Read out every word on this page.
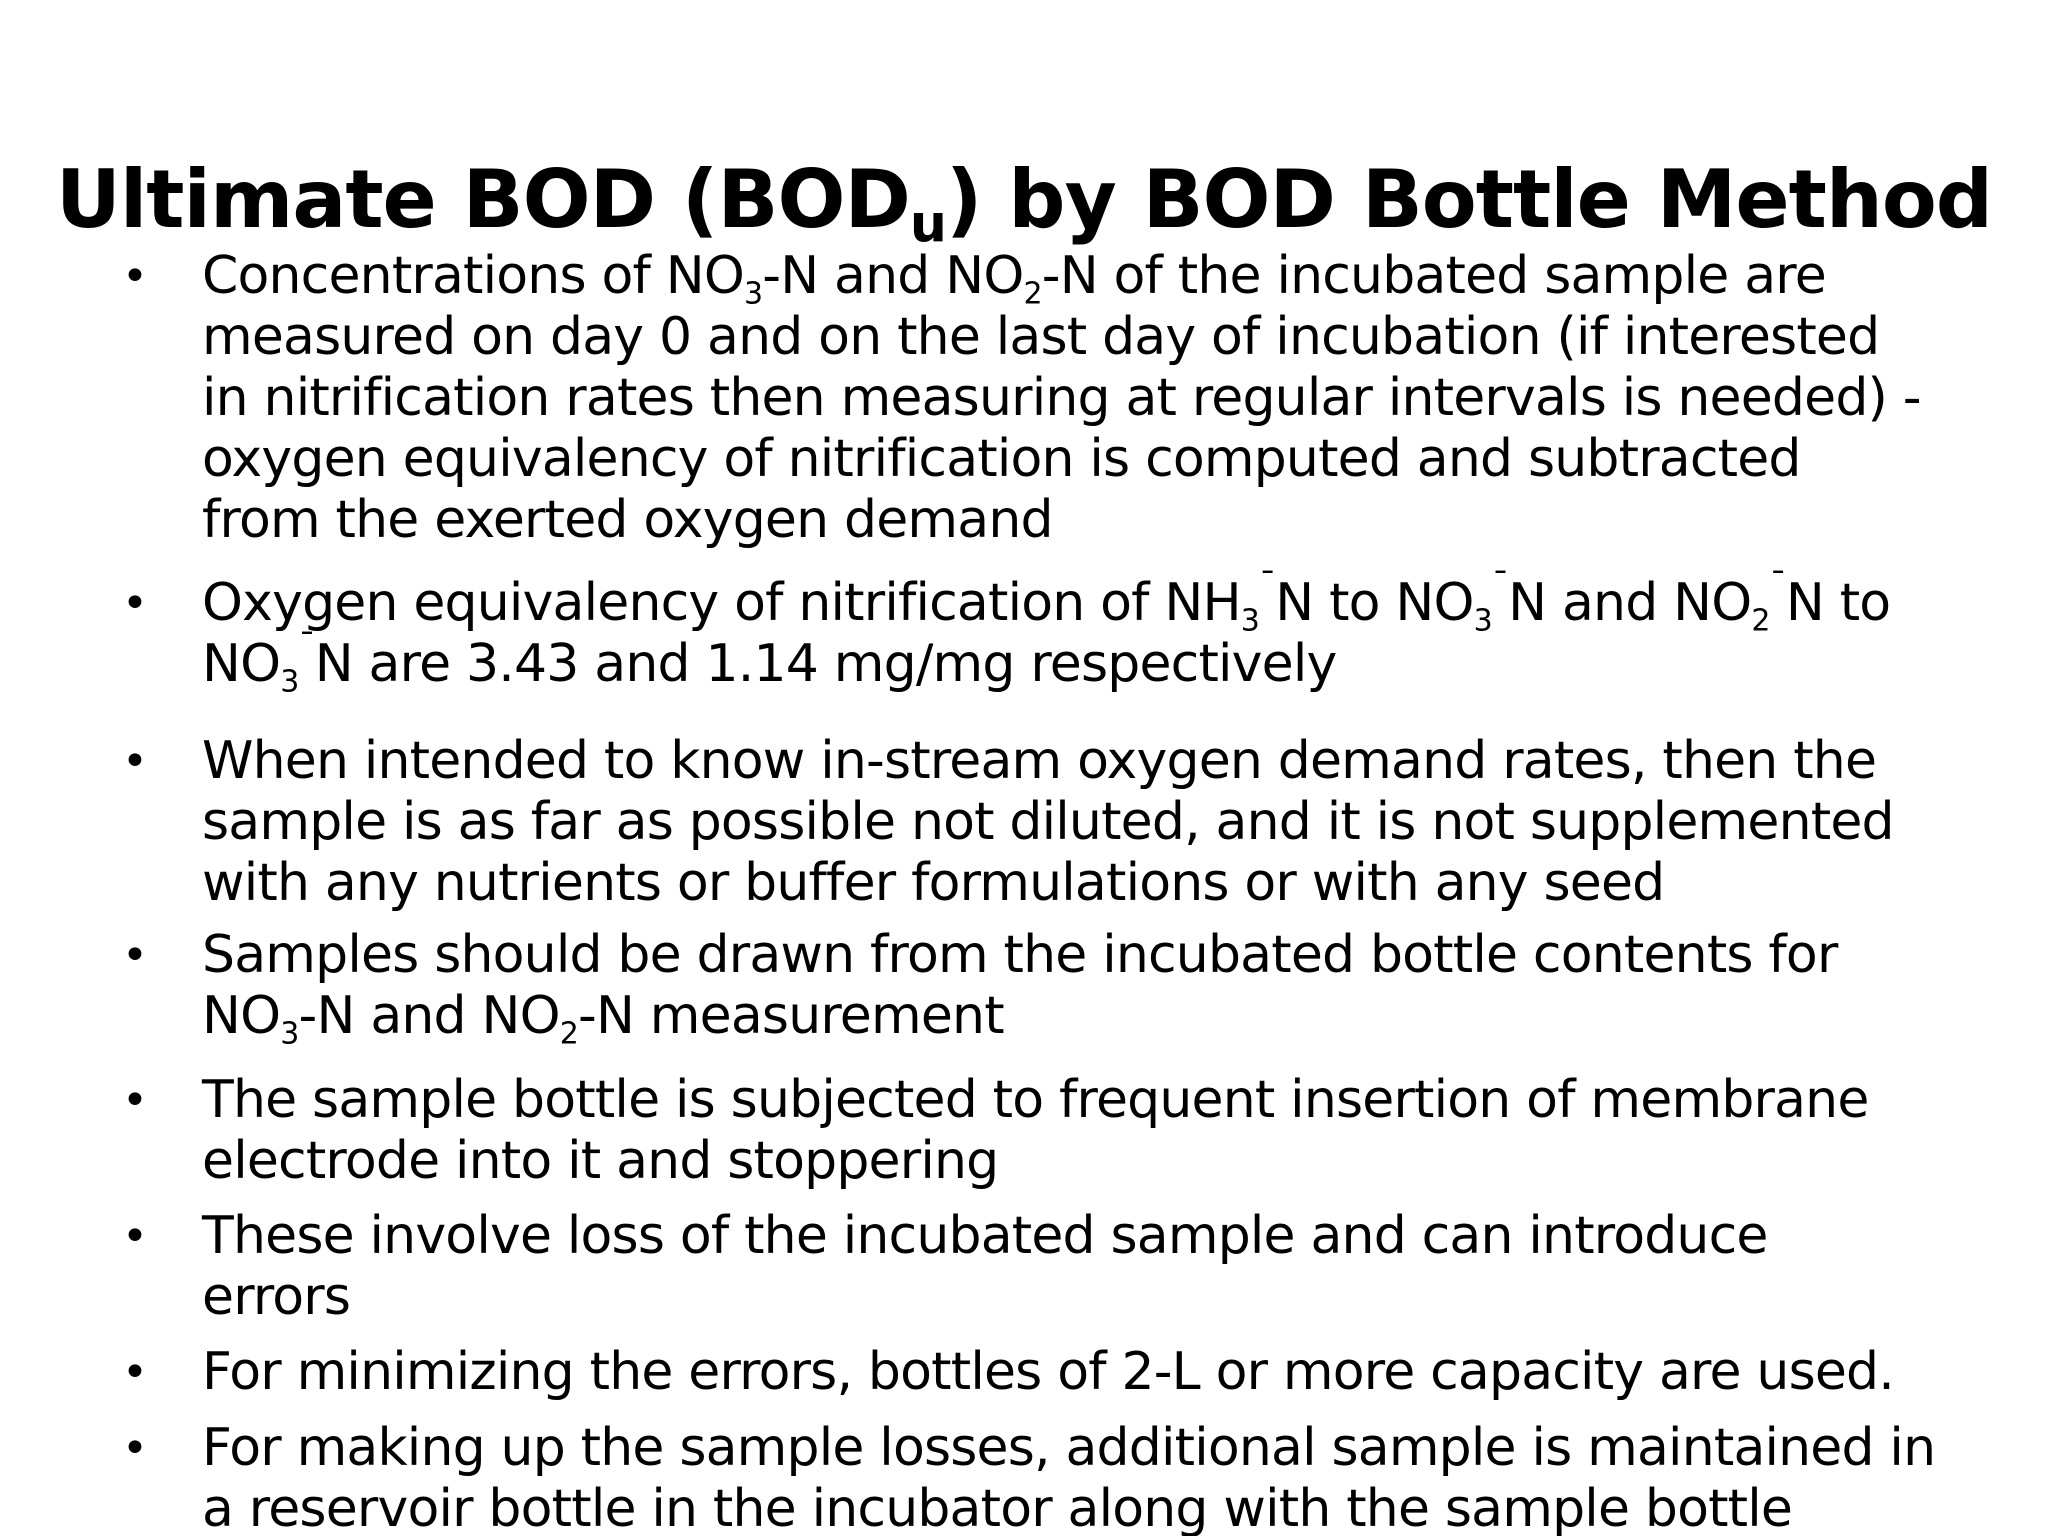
Ultimate BOD $(BOD_u)$ by BOD Bottle Method
• Concentrations of $NO_3-N$ and $NO_2-N$ of the incubated sample are
measured on day 0 and on the last day of incubation (if interested
in nitrification rates then measuring at regular intervals is needed) -
oxygen equivalency of nitrification is computed and subtracted
from the exerted oxygen demand
• Oxygen equivalency of nitrification of $NH_3^¯N$ to $NO_3^¯N$ and $NO_2^¯N$ to
$NO_3^¯N$ are 3.43 and 1.14 mg/mg respectively
• When intended to know in-stream oxygen demand rates, then the
sample is as far as possible not diluted, and it is not supplemented
with any nutrients or buffer formulations or with any seed
• Samples should be drawn from the incubated bottle contents for
$NO_3-N$ and $NO_2-N$ measurement
• The sample bottle is subjected to frequent insertion of membrane
electrode into it and stoppering
• These involve loss of the incubated sample and can introduce
errors
• For minimizing the errors, bottles of 2-L or more capacity are used.
• For making up the sample losses, additional sample is maintained in
a reservoir bottle in the incubator along with the sample bottle
